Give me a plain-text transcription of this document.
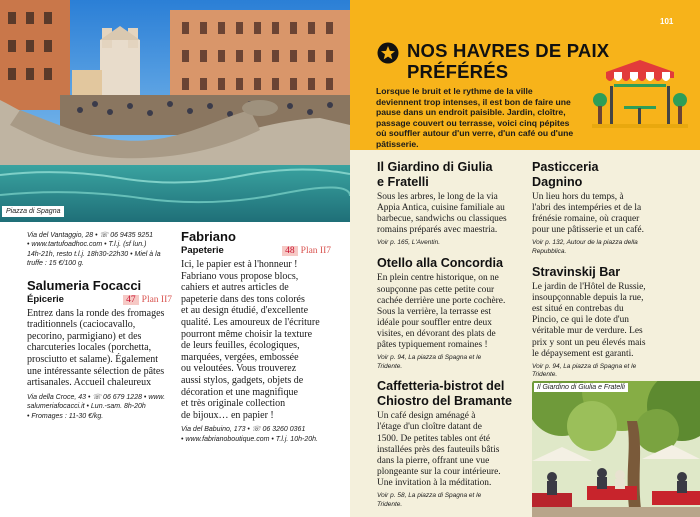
Piazza di Spagna
Via del Vantaggio, 28 • ☏ 06 9435 9251
• www.tartufoadhoc.com • T.l.j. (sf lun.)
14h-21h, resto t.l.j. 18h30-22h30 • Miel à la
truffe : 15 €/100 g.
Salumeria Focacci
Épicerie	47 Plan II7
Entrez dans la ronde des fromages
traditionnels (caciocavallo,
pecorino, parmigiano) et des
charcuteries locales (porchetta,
prosciutto et salame). Également
une intéressante sélection de pâtes
artisanales. Accueil chaleureux
Via della Croce, 43 • ☏ 06 679 1228 • www.
salumeriafocacci.it • Lun.-sam. 8h-20h
• Fromages : 11-30 €/kg.
Fabriano
Papeterie	48 Plan II7
Ici, le papier est à l'honneur !
Fabriano vous propose blocs,
cahiers et autres articles de
papeterie dans des tons colorés
et au design étudié, d'excellente
qualité. Les amoureux de l'écriture
pourront même choisir la texture
de leurs feuilles, écologiques,
marquées, vergées, embossée
ou veloutées. Vous trouverez
aussi stylos, gadgets, objets de
décoration et une magnifique
et très originale collection
de bijoux… en papier !
Via del Babuino, 173 • ☏ 06 3260 0361
• www.fabrianoboutique.com • T.l.j. 10h-20h.
101
NOS HAVRES DE PAIX
PRÉFÉRÉS
Lorsque le bruit et le rythme de la ville
deviennent trop intenses, il est bon de faire une
pause dans un endroit paisible. Jardin, cloître,
passage couvert ou terrasse, voici cinq pépites
où souffler autour d'un verre, d'un café ou d'une
pâtisserie.
Il Giardino di Giulia
e Fratelli
Sous les arbres, le long de la via
Appia Antica, cuisine familiale au
barbecue, sandwichs ou classiques
romains préparés avec maestria.
Voir p. 165, L'Aventin.
Otello alla Concordia
En plein centre historique, on ne
soupçonne pas cette petite cour
cachée derrière une porte cochère.
Sous la verrière, la terrasse est
idéale pour souffler entre deux
visites, en dévorant des plats de
pâtes typiquement romaines !
Voir p. 94, La piazza di Spagna et le
Tridente.
Caffetteria-bistrot del
Chiostro del Bramante
Un café design aménagé à
l'étage d'un cloître datant de
1500. De petites tables ont été
installées près des fauteuils bâtis
dans la pierre, offrant une vue
plongeante sur la cour intérieure.
Une invitation à la méditation.
Voir p. 58, La piazza di Spagna et le
Tridente.
Pasticceria
Dagnino
Un lieu hors du temps, à
l'abri des intempéries et de la
frénésie romaine, où craquer
pour une pâtisserie et un café.
Voir p. 132, Autour de la piazza della
Repubblica.
Stravinskij Bar
Le jardin de l'Hôtel de Russie,
insoupçonnable depuis la rue,
est situé en contrebas du
Pincio, ce qui le dote d'un
véritable mur de verdure. Les
prix y sont un peu élevés mais
le dépaysement est garanti.
Voir p. 94, La piazza di Spagna et le
Tridente.
Il Giardino di Giulia e Fratelli
